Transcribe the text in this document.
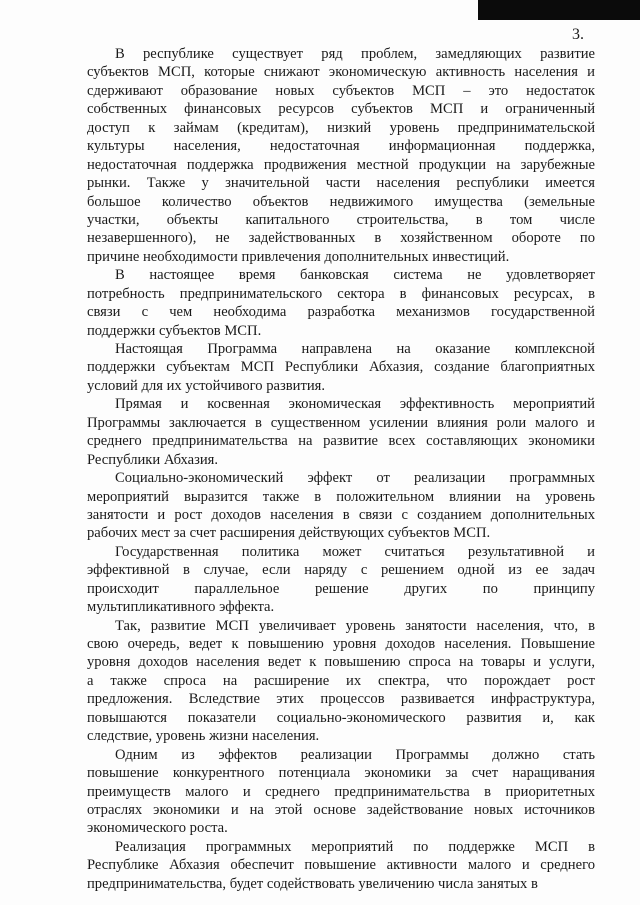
3.
В республике существует ряд проблем, замедляющих развитие
субъектов МСП, которые снижают экономическую активность населения и
сдерживают образование новых субъектов МСП – это недостаток
собственных финансовых ресурсов субъектов МСП и ограниченный
доступ к займам (кредитам), низкий уровень предпринимательской
культуры населения, недостаточная информационная поддержка,
недостаточная поддержка продвижения местной продукции на зарубежные
рынки. Также у значительной части населения республики имеется
большое количество объектов недвижимого имущества (земельные
участки, объекты капитального строительства, в том числе
незавершенного), не задействованных в хозяйственном обороте по
причине необходимости привлечения дополнительных инвестиций.
В настоящее время банковская система не удовлетворяет
потребность предпринимательского сектора в финансовых ресурсах, в
связи с чем необходима разработка механизмов государственной
поддержки субъектов МСП.
Настоящая Программа направлена на оказание комплексной
поддержки субъектам МСП Республики Абхазия, создание благоприятных
условий для их устойчивого развития.
Прямая и косвенная экономическая эффективность мероприятий
Программы заключается в существенном усилении влияния роли малого и
среднего предпринимательства на развитие всех составляющих экономики
Республики Абхазия.
Социально-экономический эффект от реализации программных
мероприятий выразится также в положительном влиянии на уровень
занятости и рост доходов населения в связи с созданием дополнительных
рабочих мест за счет расширения действующих субъектов МСП.
Государственная политика может считаться результативной и
эффективной в случае, если наряду с решением одной из ее задач
происходит параллельное решение других по принципу
мультипликативного эффекта.
Так, развитие МСП увеличивает уровень занятости населения, что, в
свою очередь, ведет к повышению уровня доходов населения. Повышение
уровня доходов населения ведет к повышению спроса на товары и услуги,
а также спроса на расширение их спектра, что порождает рост
предложения. Вследствие этих процессов развивается инфраструктура,
повышаются показатели социально-экономического развития и, как
следствие, уровень жизни населения.
Одним из эффектов реализации Программы должно стать
повышение конкурентного потенциала экономики за счет наращивания
преимуществ малого и среднего предпринимательства в приоритетных
отраслях экономики и на этой основе задействование новых источников
экономического роста.
Реализация программных мероприятий по поддержке МСП в
Республике Абхазия обеспечит повышение активности малого и среднего
предпринимательства, будет содействовать увеличению числа занятых в
